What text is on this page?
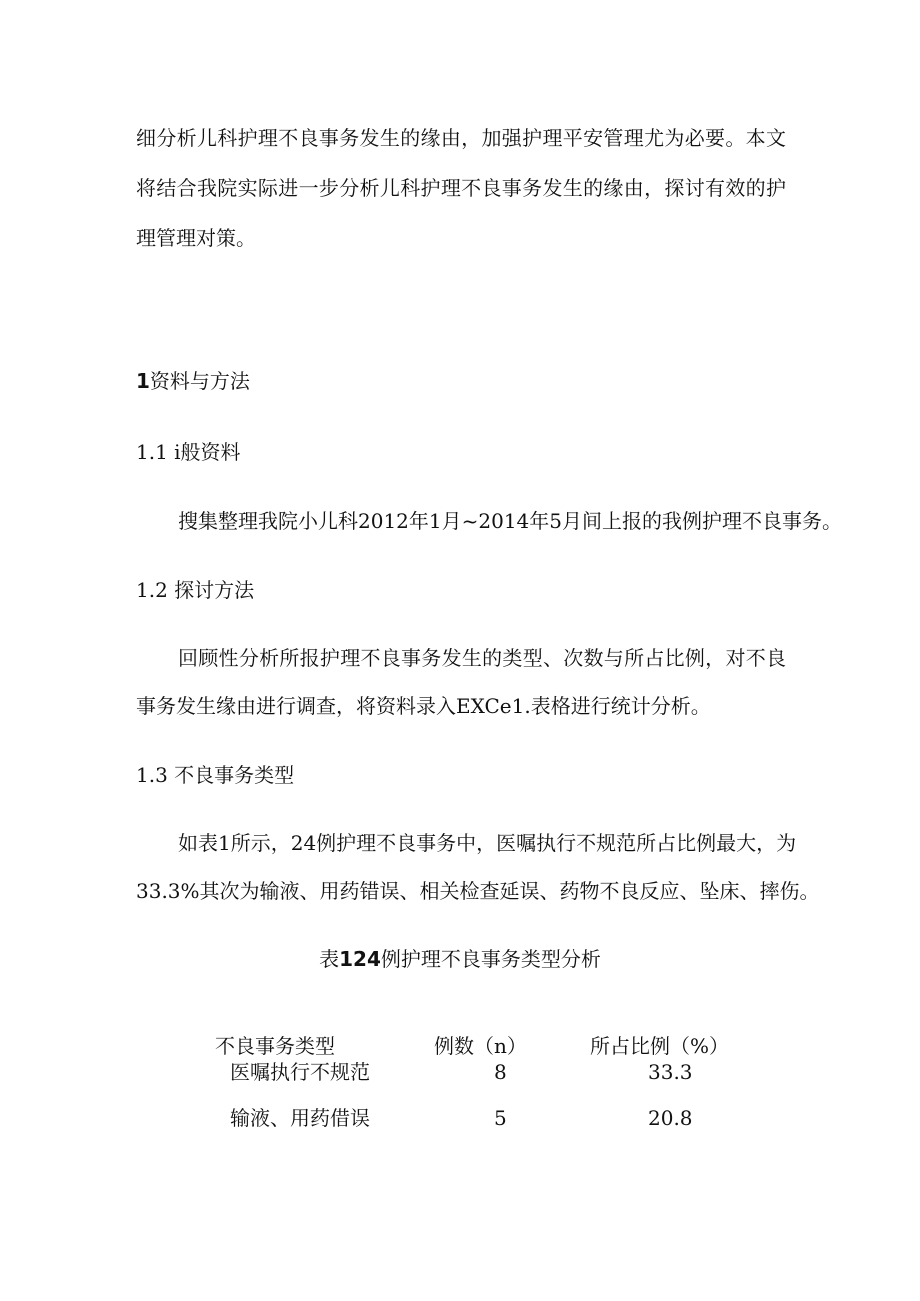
细分析儿科护理不良事务发生的缘由，加强护理平安管理尤为必要。本文
将结合我院实际进一步分析儿科护理不良事务发生的缘由，探讨有效的护
理管理对策。
1资料与方法
1.1 i般资料
搜集整理我院小儿科2012年1月~2014年5月间上报的我例护理不良事务。
1.2 探讨方法
回顾性分析所报护理不良事务发生的类型、次数与所占比例，对不良
事务发生缘由进行调查，将资料录入EXCe1.表格进行统计分析。
1.3 不良事务类型
如表1所示，24例护理不良事务中，医嘱执行不规范所占比例最大，为
33.3%其次为输液、用药错误、相关检查延误、药物不良反应、坠床、摔伤。
表124例护理不良事务类型分析
不良事务类型	例数（n）	所占比例（%）
医嘱执行不规范	8	33.3
输液、用药借误	5	20.8
